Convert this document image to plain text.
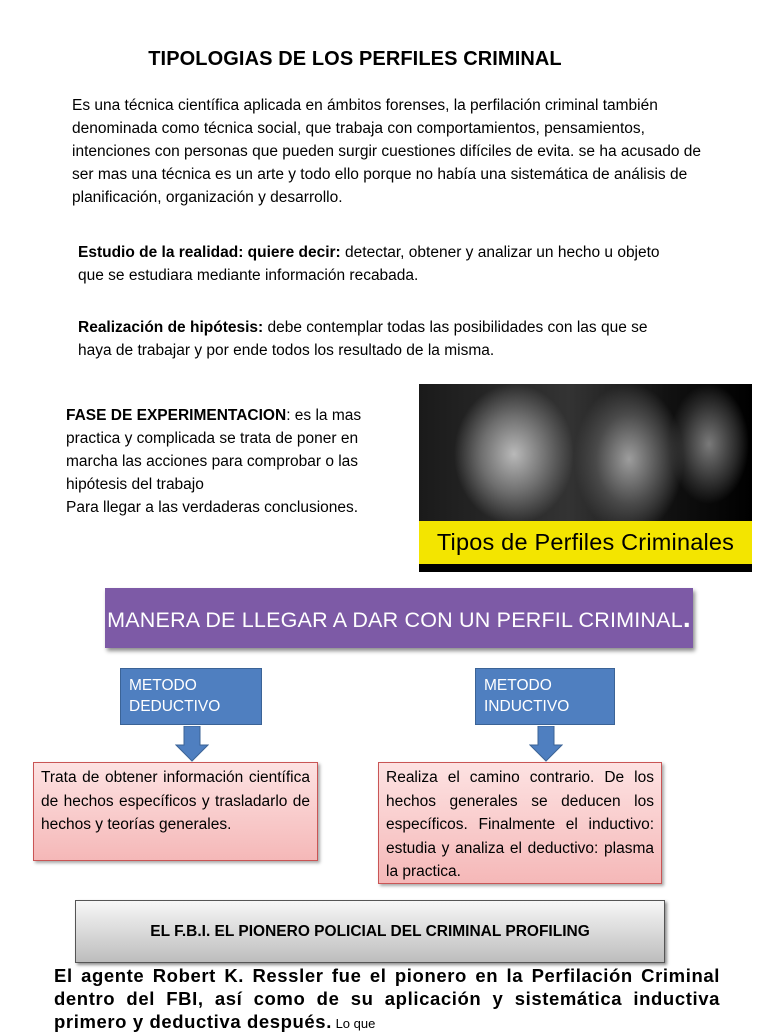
TIPOLOGIAS DE LOS PERFILES CRIMINAL
Es una técnica científica aplicada en ámbitos forenses, la perfilación criminal también denominada como técnica social, que trabaja con comportamientos, pensamientos, intenciones con personas que pueden surgir cuestiones difíciles de evita. se ha acusado de ser mas una técnica es un arte y todo ello porque no había una sistemática de análisis de planificación, organización y desarrollo.
Estudio de la realidad: quiere decir: detectar, obtener y analizar un hecho u objeto que se estudiara mediante información recabada.
Realización de hipótesis: debe contemplar todas las posibilidades con las que se haya de trabajar y por ende todos los resultado de la misma.
FASE DE EXPERIMENTACION: es la mas practica y complicada se trata de poner en marcha las acciones para comprobar o las hipótesis del trabajo
Para llegar a las verdaderas conclusiones.
Tipos de Perfiles Criminales
MANERA DE LLEGAR A DAR CON UN PERFIL CRIMINAL.
METODO DEDUCTIVO
METODO INDUCTIVO
Trata de obtener información científica de hechos específicos y trasladarlo de hechos y teorías generales.
Realiza el camino contrario. De los hechos generales se deducen los específicos. Finalmente el inductivo: estudia y analiza el deductivo: plasma la practica.
EL F.B.I. EL PIONERO POLICIAL DEL CRIMINAL PROFILING
El agente Robert K. Ressler fue el pionero en la Perfilación Criminal dentro del FBI, así como de su aplicación y sistemática inductiva primero y deductiva después. Lo que
